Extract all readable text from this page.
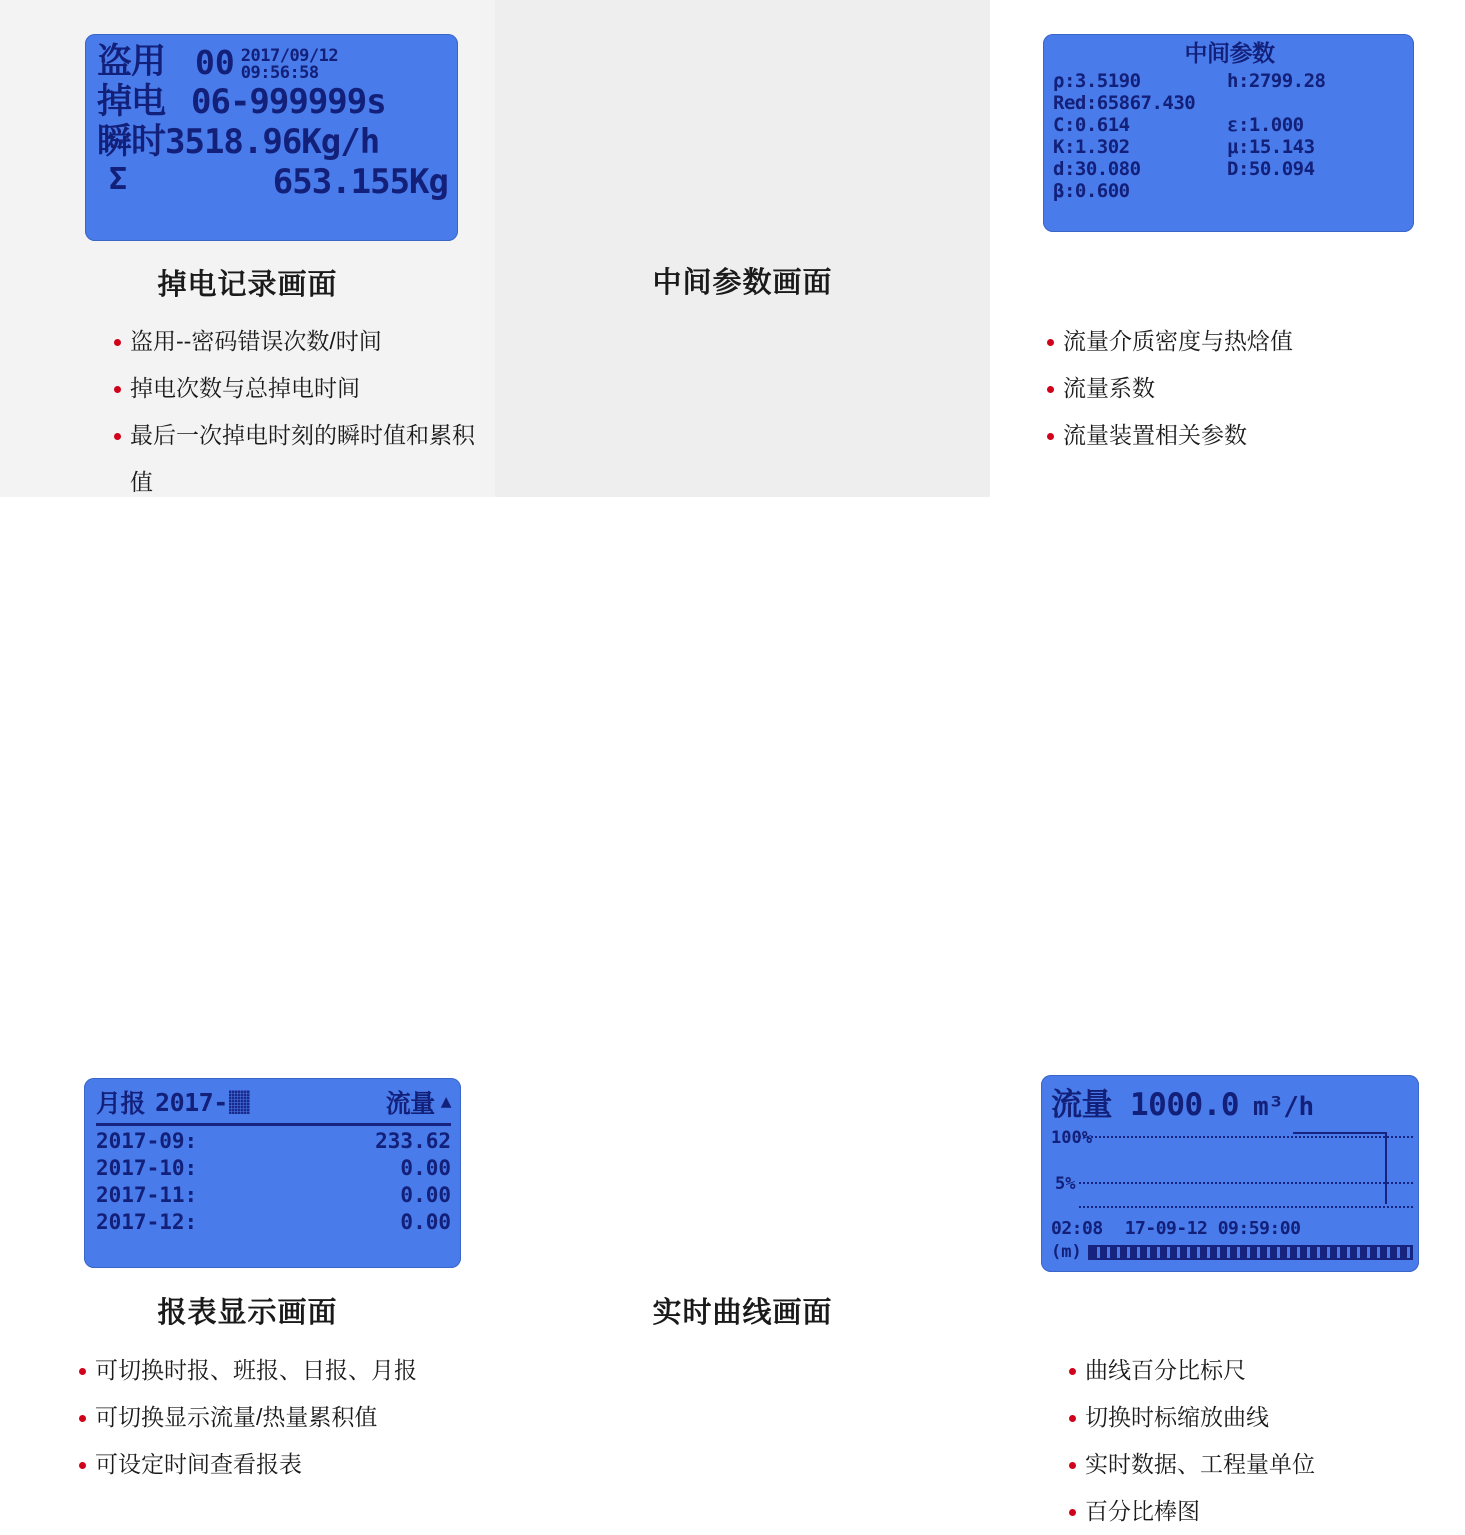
盗用 00 2017/09/12
09:56:58
掉电 06-999999s
瞬时 3518.96Kg/h
Σ	653.155Kg
掉电记录画面
盗用--密码错误次数/时间
掉电次数与总掉电时间
最后一次掉电时刻的瞬时值和累积值
中间参数
ρ:3.5190	h:2799.28
Red:65867.430
C:0.614	ε:1.000
K:1.302	μ:15.143
d:30.080	D:50.094
β:0.600
中间参数画面
流量介质密度与热焓值
流量系数
流量装置相关参数
月报 2017-	流量 ▲
2017-09:	233.62
2017-10:	0.00
2017-11:	0.00
2017-12:	0.00
报表显示画面
可切换时报、班报、日报、月报
可切换显示流量/热量累积值
可设定时间查看报表
流量 1000.0 m³/h
100%
5%
02:08 17-09-12 09:59:00
(m)
实时曲线画面
曲线百分比标尺
切换时标缩放曲线
实时数据、工程量单位
百分比棒图
